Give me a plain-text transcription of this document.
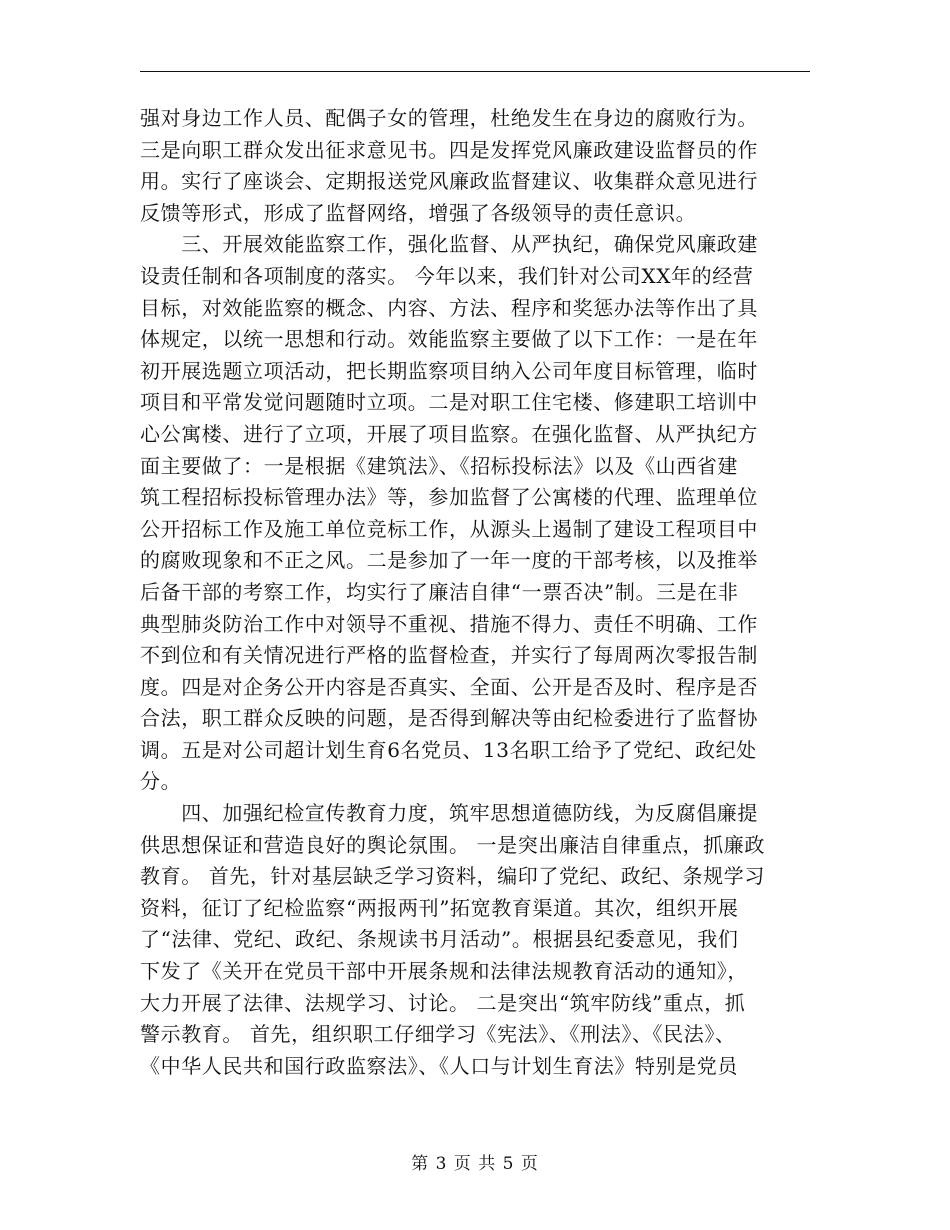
强对身边工作人员、配偶子女的管理，杜绝发生在身边的腐败行为。
三是向职工群众发出征求意见书。四是发挥党风廉政建设监督员的作
用。实行了座谈会、定期报送党风廉政监督建议、收集群众意见进行
反馈等形式，形成了监督网络，增强了各级领导的责任意识。
　　三、开展效能监察工作，强化监督、从严执纪，确保党风廉政建
设责任制和各项制度的落实。 今年以来，我们针对公司XX年的经营
目标，对效能监察的概念、内容、方法、程序和奖惩办法等作出了具
体规定，以统一思想和行动。效能监察主要做了以下工作：一是在年
初开展选题立项活动，把长期监察项目纳入公司年度目标管理，临时
项目和平常发觉问题随时立项。二是对职工住宅楼、修建职工培训中
心公寓楼、进行了立项，开展了项目监察。在强化监督、从严执纪方
面主要做了：一是根据《建筑法》、《招标投标法》以及《山西省建
筑工程招标投标管理办法》等，参加监督了公寓楼的代理、监理单位
公开招标工作及施工单位竞标工作，从源头上遏制了建设工程项目中
的腐败现象和不正之风。二是参加了一年一度的干部考核，以及推举
后备干部的考察工作，均实行了廉洁自律“一票否决”制。三是在非
典型肺炎防治工作中对领导不重视、措施不得力、责任不明确、工作
不到位和有关情况进行严格的监督检查，并实行了每周两次零报告制
度。四是对企务公开内容是否真实、全面、公开是否及时、程序是否
合法，职工群众反映的问题，是否得到解决等由纪检委进行了监督协
调。五是对公司超计划生育6名党员、13名职工给予了党纪、政纪处
分。
　　四、加强纪检宣传教育力度，筑牢思想道德防线，为反腐倡廉提
供思想保证和营造良好的舆论氛围。 一是突出廉洁自律重点，抓廉政
教育。 首先，针对基层缺乏学习资料，编印了党纪、政纪、条规学习
资料，征订了纪检监察“两报两刊”拓宽教育渠道。其次，组织开展
了“法律、党纪、政纪、条规读书月活动”。根据县纪委意见，我们
下发了《关开在党员干部中开展条规和法律法规教育活动的通知》，
大力开展了法律、法规学习、讨论。 二是突出“筑牢防线”重点，抓
警示教育。 首先，组织职工仔细学习《宪法》、《刑法》、《民法》、
《中华人民共和国行政监察法》、《人口与计划生育法》特别是党员
第 3 页 共 5 页
